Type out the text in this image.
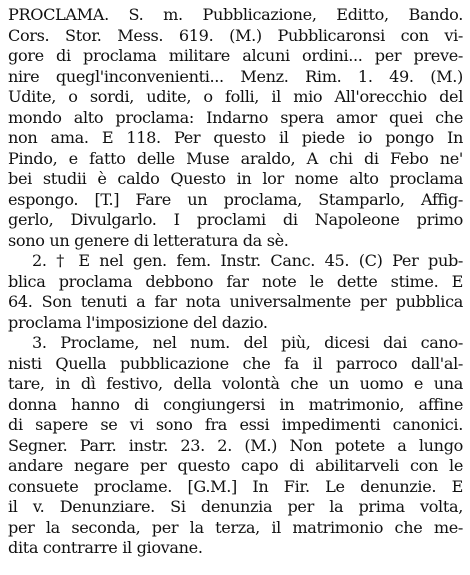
PROCLAMA. S. m. Pubblicazione, Editto, Bando.
Cors. Stor. Mess. 619. (M.) Pubblicaronsi con vi-
gore di proclama militare alcuni ordini... per preve-
nire quegl'inconvenienti... Menz. Rim. 1. 49. (M.)
Udite, o sordi, udite, o folli, il mio All'orecchio del
mondo alto proclama: Indarno spera amor quei che
non ama. E 118. Per questo il piede io pongo In
Pindo, e fatto delle Muse araldo, A chi di Febo ne'
bei studii è caldo Questo in lor nome alto proclama
espongo. [T.] Fare un proclama, Stamparlo, Affig-
gerlo, Divulgarlo. I proclami di Napoleone primo
sono un genere di letteratura da sè.
2. † E nel gen. fem. Instr. Canc. 45. (C) Per pub-
blica proclama debbono far note le dette stime. E
64. Son tenuti a far nota universalmente per pubblica
proclama l'imposizione del dazio.
3. Proclame, nel num. del più, dicesi dai cano-
nisti Quella pubblicazione che fa il parroco dall'al-
tare, in dì festivo, della volontà che un uomo e una
donna hanno di congiungersi in matrimonio, affine
di sapere se vi sono fra essi impedimenti canonici.
Segner. Parr. instr. 23. 2. (M.) Non potete a lungo
andare negare per questo capo di abilitarveli con le
consuete proclame. [G.M.] In Fir. Le denunzie. E
il v. Denunziare. Si denunzia per la prima volta,
per la seconda, per la terza, il matrimonio che me-
dita contrarre il giovane.
